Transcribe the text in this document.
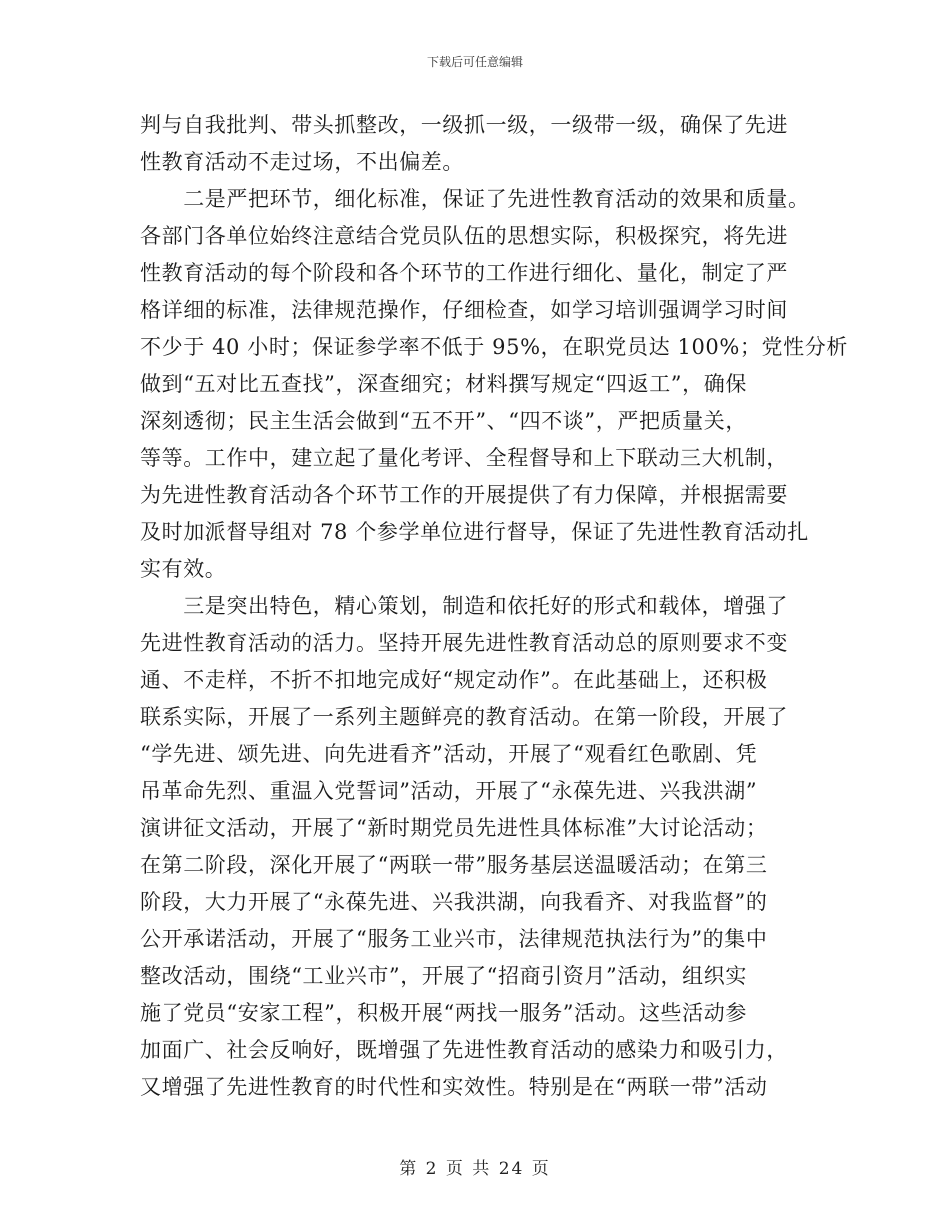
下载后可任意编辑
判与自我批判、带头抓整改，一级抓一级，一级带一级，确保了先进
性教育活动不走过场，不出偏差。
　　二是严把环节，细化标准，保证了先进性教育活动的效果和质量。
各部门各单位始终注意结合党员队伍的思想实际，积极探究，将先进
性教育活动的每个阶段和各个环节的工作进行细化、量化，制定了严
格详细的标准，法律规范操作，仔细检查，如学习培训强调学习时间
不少于 40 小时；保证参学率不低于 95%，在职党员达 100%；党性分析
做到“五对比五查找”，深查细究；材料撰写规定“四返工”，确保
深刻透彻；民主生活会做到“五不开”、“四不谈”，严把质量关，
等等。工作中，建立起了量化考评、全程督导和上下联动三大机制，
为先进性教育活动各个环节工作的开展提供了有力保障，并根据需要
及时加派督导组对 78 个参学单位进行督导，保证了先进性教育活动扎
实有效。
　　三是突出特色，精心策划，制造和依托好的形式和载体，增强了
先进性教育活动的活力。坚持开展先进性教育活动总的原则要求不变
通、不走样，不折不扣地完成好“规定动作”。在此基础上，还积极
联系实际，开展了一系列主题鲜亮的教育活动。在第一阶段，开展了
“学先进、颂先进、向先进看齐”活动，开展了“观看红色歌剧、凭
吊革命先烈、重温入党誓词”活动，开展了“永葆先进、兴我洪湖”
演讲征文活动，开展了“新时期党员先进性具体标准”大讨论活动；
在第二阶段，深化开展了“两联一带”服务基层送温暖活动；在第三
阶段，大力开展了“永葆先进、兴我洪湖，向我看齐、对我监督”的
公开承诺活动，开展了“服务工业兴市，法律规范执法行为”的集中
整改活动，围绕“工业兴市”，开展了“招商引资月”活动，组织实
施了党员“安家工程”，积极开展“两找一服务”活动。这些活动参
加面广、社会反响好，既增强了先进性教育活动的感染力和吸引力，
又增强了先进性教育的时代性和实效性。特别是在“两联一带”活动
第 2 页 共 24 页
